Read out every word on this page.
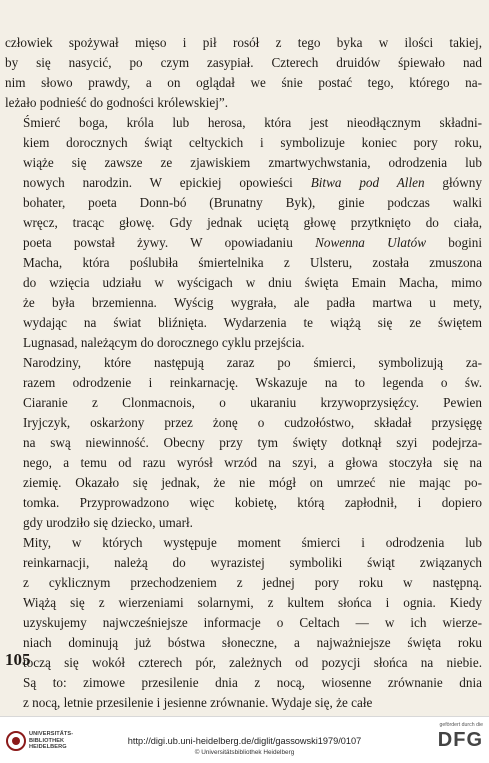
człowiek spożywał mięso i pił rosół z tego byka w ilości takiej,
by się nasycić, po czym zasypiał. Czterech druidów śpiewało nad
nim słowo prawdy, a on oglądał we śnie postać tego, którego na-
leżało podnieść do godności królewskiej”.

Śmierć boga, króla lub herosa, która jest nieodłącznym składni-
kiem dorocznych świąt celtyckich i symbolizuje koniec pory roku,
wiąże się zawsze ze zjawiskiem zmartwychwstania, odrodzenia lub
nowych narodzin. W epickiej opowieści Bitwa pod Allen główny
bohater, poeta Donn-bó (Brunatny Byk), ginie podczas walki
wręcz, tracąc głowę. Gdy jednak uciętą głowę przytknięto do ciała,
poeta powstał żywy. W opowiadaniu Nowenna Ulatów bogini
Macha, która poślubiła śmiertelnika z Ulsteru, została zmuszona
do wzięcia udziału w wyścigach w dniu święta Emain Macha, mimo
że była brzemienna. Wyścig wygrała, ale padła martwa u mety,
wydając na świat bliźnięta. Wydarzenia te wiążą się ze świętem
Lugnasad, należącym do dorocznego cyklu przejścia.

Narodziny, które następują zaraz po śmierci, symbolizują za-
razem odrodzenie i reinkarnację. Wskazuje na to legenda o św.
Ciaranie z Clonmacnois, o ukaraniu krzywoprzysięźcy. Pewien
Iryjczyk, oskarżony przez żonę o cudzołóstwo, składał przysięgę
na swą niewinność. Obecny przy tym święty dotknął szyi podejrza-
nego, a temu od razu wyrósł wrzód na szyi, a głowa stoczyła się na
ziemię. Okazało się jednak, że nie mógł on umrzeć nie mając po-
tomka. Przyprowadzono więc kobietę, którą zapłodnił, i dopiero
gdy urodziło się dziecko, umarł.

Mity, w których występuje moment śmierci i odrodzenia lub
reinkarnacji, należą do wyrazistej symboliki świąt związanych
z cyklicznym przechodzeniem z jednej pory roku w następną.
Wiążą się z wierzeniami solarnymi, z kultem słońca i ognia. Kiedy
uzyskujemy najwcześniejsze informacje o Celtach — w ich wierze-
niach dominują już bóstwa słoneczne, a najważniejsze święta roku
toczą się wokół czterech pór, zależnych od pozycji słońca na niebie.
Są to: zimowe przesilenie dnia z nocą, wiosenne zrównanie dnia
z nocą, letnie przesilenie i jesienne zrównanie. Wydaje się, że całe

105
UNIVERSITÄTS-
BIBLIOTHEK
HEIDELBERG
http://digi.ub.uni-heidelberg.de/diglit/gassowski1979/0107
© Universitätsbibliothek Heidelberg
gefördert durch die
DFG
